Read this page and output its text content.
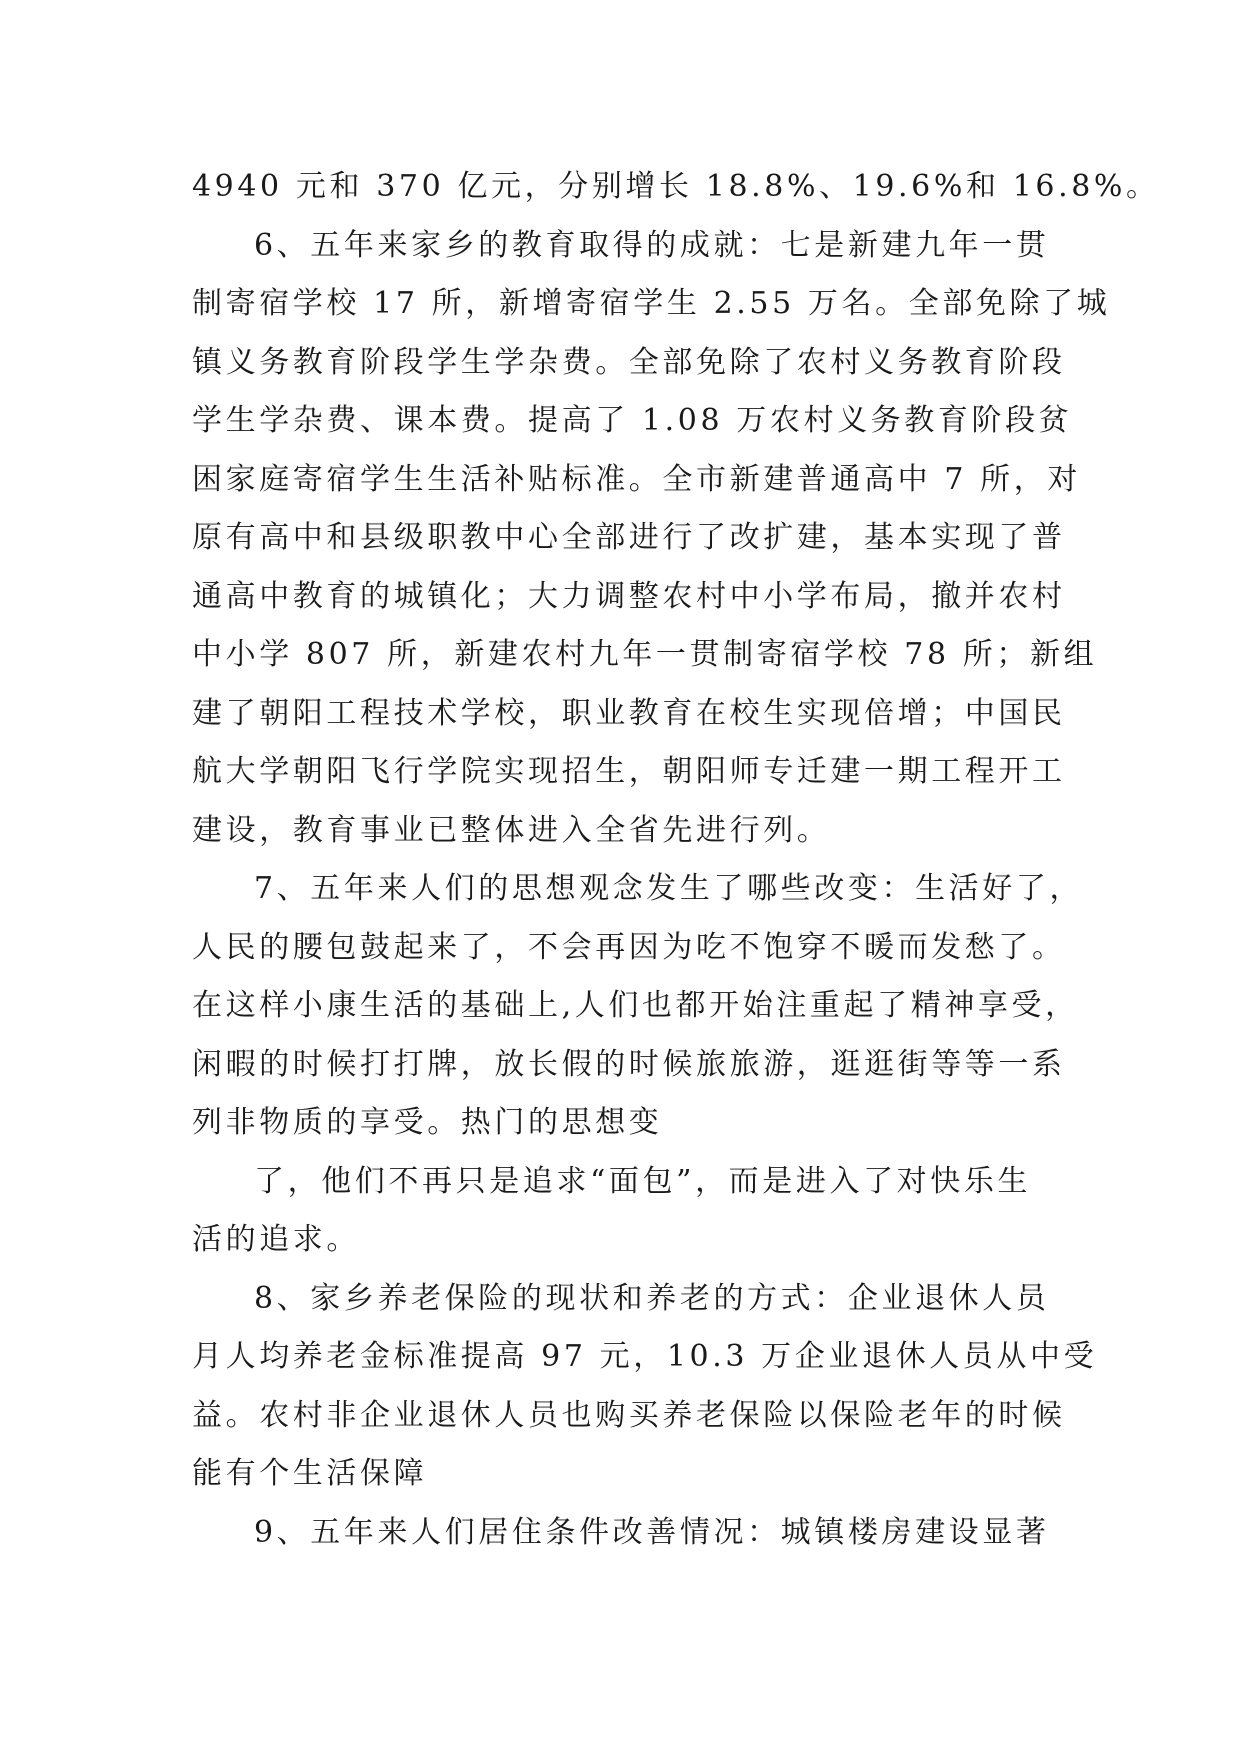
4940 元和 370 亿元，分别增长 18.8%、19.6%和 16.8%。
6、五年来家乡的教育取得的成就：七是新建九年一贯
制寄宿学校 17 所，新增寄宿学生 2.55 万名。全部免除了城
镇义务教育阶段学生学杂费。全部免除了农村义务教育阶段
学生学杂费、课本费。提高了 1.08 万农村义务教育阶段贫
困家庭寄宿学生生活补贴标准。全市新建普通高中 7 所，对
原有高中和县级职教中心全部进行了改扩建，基本实现了普
通高中教育的城镇化；大力调整农村中小学布局，撤并农村
中小学 807 所，新建农村九年一贯制寄宿学校 78 所；新组
建了朝阳工程技术学校，职业教育在校生实现倍增；中国民
航大学朝阳飞行学院实现招生，朝阳师专迁建一期工程开工
建设，教育事业已整体进入全省先进行列。
7、五年来人们的思想观念发生了哪些改变：生活好了，
人民的腰包鼓起来了，不会再因为吃不饱穿不暖而发愁了。
在这样小康生活的基础上,人们也都开始注重起了精神享受，
闲暇的时候打打牌，放长假的时候旅旅游，逛逛街等等一系
列非物质的享受。热门的思想变
了，他们不再只是追求“面包”，而是进入了对快乐生
活的追求。
8、家乡养老保险的现状和养老的方式：企业退休人员
月人均养老金标准提高 97 元，10.3 万企业退休人员从中受
益。农村非企业退休人员也购买养老保险以保险老年的时候
能有个生活保障
9、五年来人们居住条件改善情况：城镇楼房建设显著
